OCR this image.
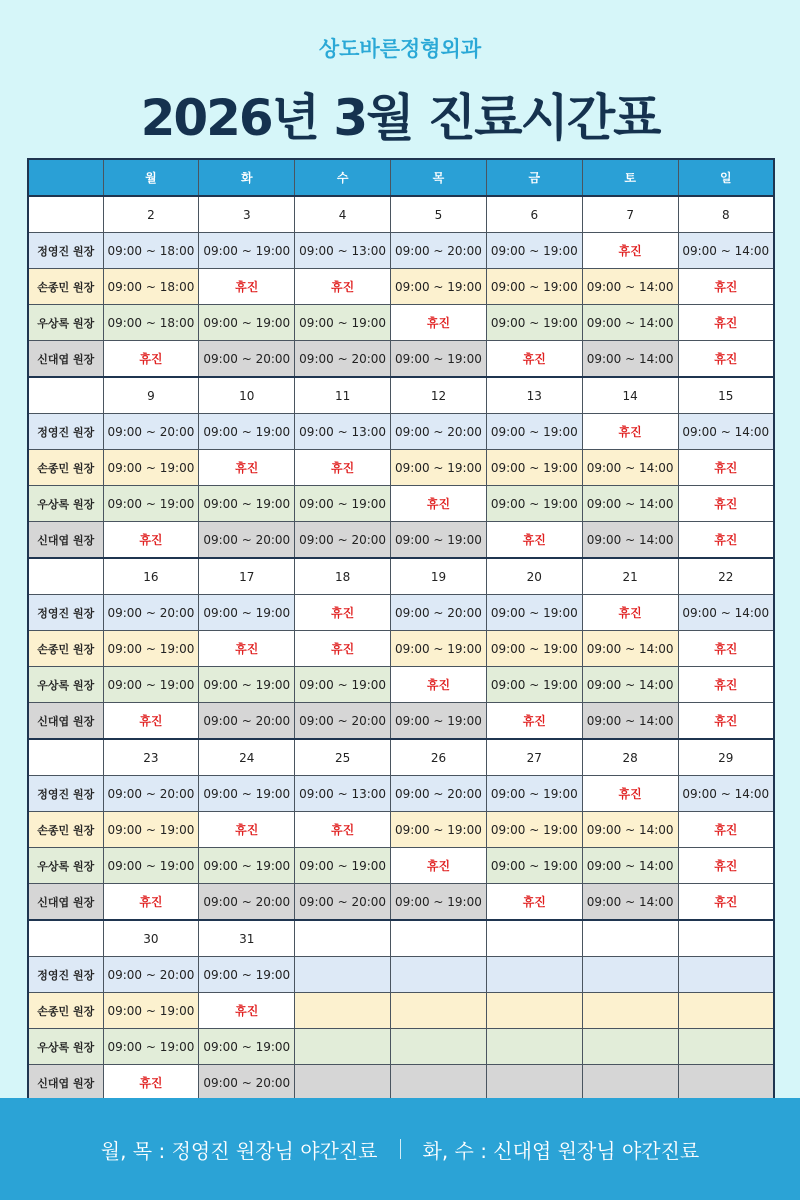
상도바른정형외과
2026년 3월 진료시간표
	월	화	수	목	금	토	일
	2	3	4	5	6	7	8
정영진 원장	09:00 ~ 18:00	09:00 ~ 19:00	09:00 ~ 13:00	09:00 ~ 20:00	09:00 ~ 19:00	휴진	09:00 ~ 14:00
손종민 원장	09:00 ~ 18:00	휴진	휴진	09:00 ~ 19:00	09:00 ~ 19:00	09:00 ~ 14:00	휴진
우상록 원장	09:00 ~ 18:00	09:00 ~ 19:00	09:00 ~ 19:00	휴진	09:00 ~ 19:00	09:00 ~ 14:00	휴진
신대엽 원장	휴진	09:00 ~ 20:00	09:00 ~ 20:00	09:00 ~ 19:00	휴진	09:00 ~ 14:00	휴진
	9	10	11	12	13	14	15
정영진 원장	09:00 ~ 20:00	09:00 ~ 19:00	09:00 ~ 13:00	09:00 ~ 20:00	09:00 ~ 19:00	휴진	09:00 ~ 14:00
손종민 원장	09:00 ~ 19:00	휴진	휴진	09:00 ~ 19:00	09:00 ~ 19:00	09:00 ~ 14:00	휴진
우상록 원장	09:00 ~ 19:00	09:00 ~ 19:00	09:00 ~ 19:00	휴진	09:00 ~ 19:00	09:00 ~ 14:00	휴진
신대엽 원장	휴진	09:00 ~ 20:00	09:00 ~ 20:00	09:00 ~ 19:00	휴진	09:00 ~ 14:00	휴진
	16	17	18	19	20	21	22
정영진 원장	09:00 ~ 20:00	09:00 ~ 19:00	휴진	09:00 ~ 20:00	09:00 ~ 19:00	휴진	09:00 ~ 14:00
손종민 원장	09:00 ~ 19:00	휴진	휴진	09:00 ~ 19:00	09:00 ~ 19:00	09:00 ~ 14:00	휴진
우상록 원장	09:00 ~ 19:00	09:00 ~ 19:00	09:00 ~ 19:00	휴진	09:00 ~ 19:00	09:00 ~ 14:00	휴진
신대엽 원장	휴진	09:00 ~ 20:00	09:00 ~ 20:00	09:00 ~ 19:00	휴진	09:00 ~ 14:00	휴진
	23	24	25	26	27	28	29
정영진 원장	09:00 ~ 20:00	09:00 ~ 19:00	09:00 ~ 13:00	09:00 ~ 20:00	09:00 ~ 19:00	휴진	09:00 ~ 14:00
손종민 원장	09:00 ~ 19:00	휴진	휴진	09:00 ~ 19:00	09:00 ~ 19:00	09:00 ~ 14:00	휴진
우상록 원장	09:00 ~ 19:00	09:00 ~ 19:00	09:00 ~ 19:00	휴진	09:00 ~ 19:00	09:00 ~ 14:00	휴진
신대엽 원장	휴진	09:00 ~ 20:00	09:00 ~ 20:00	09:00 ~ 19:00	휴진	09:00 ~ 14:00	휴진
	30	31					
정영진 원장	09:00 ~ 20:00	09:00 ~ 19:00					
손종민 원장	09:00 ~ 19:00	휴진					
우상록 원장	09:00 ~ 19:00	09:00 ~ 19:00					
신대엽 원장	휴진	09:00 ~ 20:00					
월, 목 : 정영진 원장님 야간진료 화, 수 : 신대엽 원장님 야간진료
